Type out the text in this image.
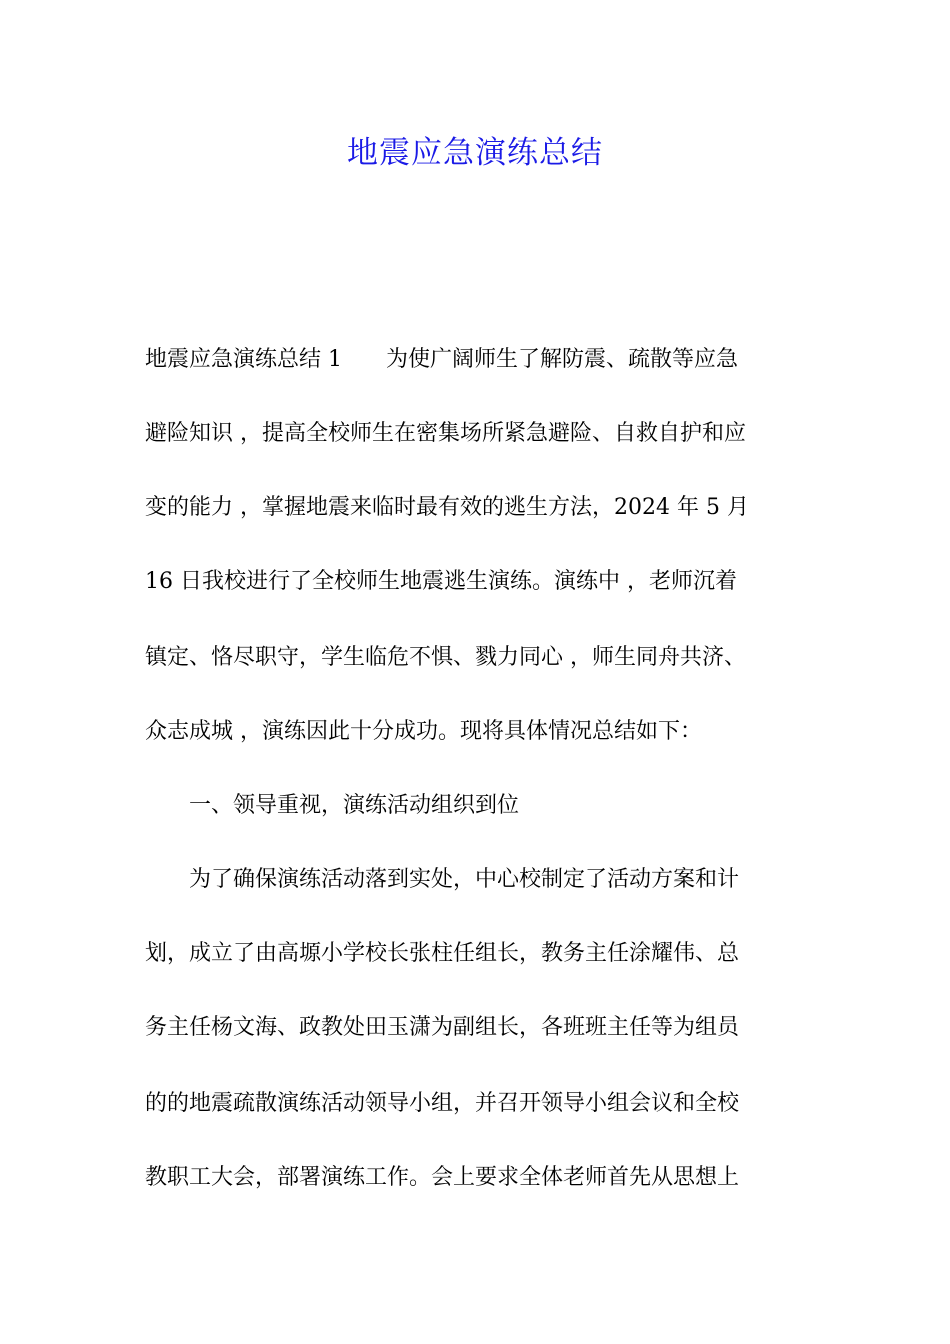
地震应急演练总结
地震应急演练总结 1　　为使广阔师生了解防震、疏散等应急
避险知识 ，提高全校师生在密集场所紧急避险、自救自护和应
变的能力 ，掌握地震来临时最有效的逃生方法，2024 年 5 月
16 日我校进行了全校师生地震逃生演练。演练中 ，老师沉着
镇定、恪尽职守，学生临危不惧、戮力同心 ，师生同舟共济、
众志成城 ，演练因此十分成功。现将具体情况总结如下：
　　一、领导重视，演练活动组织到位
　　为了确保演练活动落到实处，中心校制定了活动方案和计
划，成立了由高塬小学校长张柱任组长，教务主任涂耀伟、总
务主任杨文海、政教处田玉潇为副组长，各班班主任等为组员
的的地震疏散演练活动领导小组，并召开领导小组会议和全校
教职工大会，部署演练工作。会上要求全体老师首先从思想上
